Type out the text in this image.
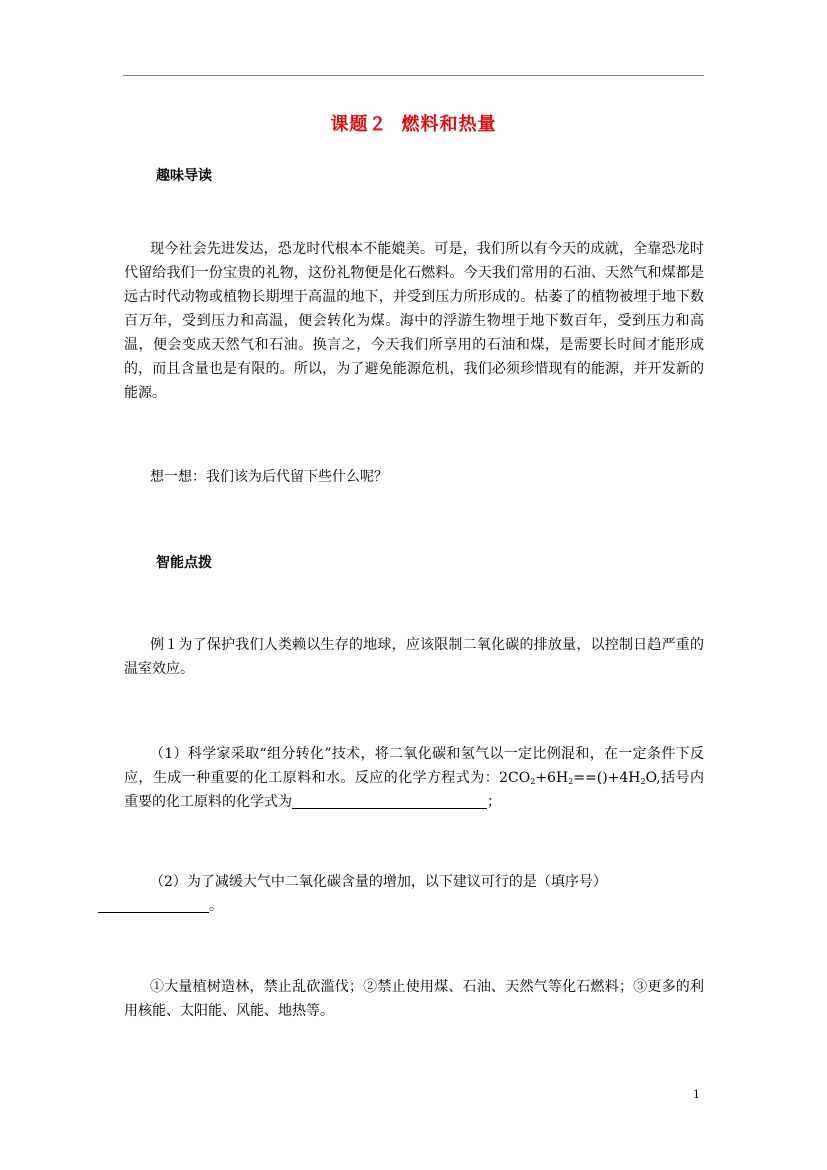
课题２ 燃料和热量
趣味导读
现今社会先进发达，恐龙时代根本不能媲美。可是，我们所以有今天的成就，全靠恐龙时代留给我们一份宝贵的礼物，这份礼物便是化石燃料。今天我们常用的石油、天然气和煤都是远古时代动物或植物长期埋于高温的地下，并受到压力所形成的。枯萎了的植物被埋于地下数百万年，受到压力和高温，便会转化为煤。海中的浮游生物埋于地下数百年，受到压力和高温，便会变成天然气和石油。换言之，今天我们所享用的石油和煤，是需要长时间才能形成的，而且含量也是有限的。所以，为了避免能源危机，我们必须珍惜现有的能源，并开发新的能源。
想一想：我们该为后代留下些什么呢？
智能点拨
例１为了保护我们人类赖以生存的地球，应该限制二氧化碳的排放量，以控制日趋严重的温室效应。
（1）科学家采取“组分转化”技术，将二氧化碳和氢气以一定比例混和，在一定条件下反应，生成一种重要的化工原料和水。反应的化学方程式为：$2CO_2+6H_2==()+4H_2O$,括号内重要的化工原料的化学式为	；
（2）为了减缓大气中二氧化碳含量的增加，以下建议可行的是（填序号）
。
①大量植树造林，禁止乱砍滥伐；②禁止使用煤、石油、天然气等化石燃料；③更多的利用核能、太阳能、风能、地热等。
1
